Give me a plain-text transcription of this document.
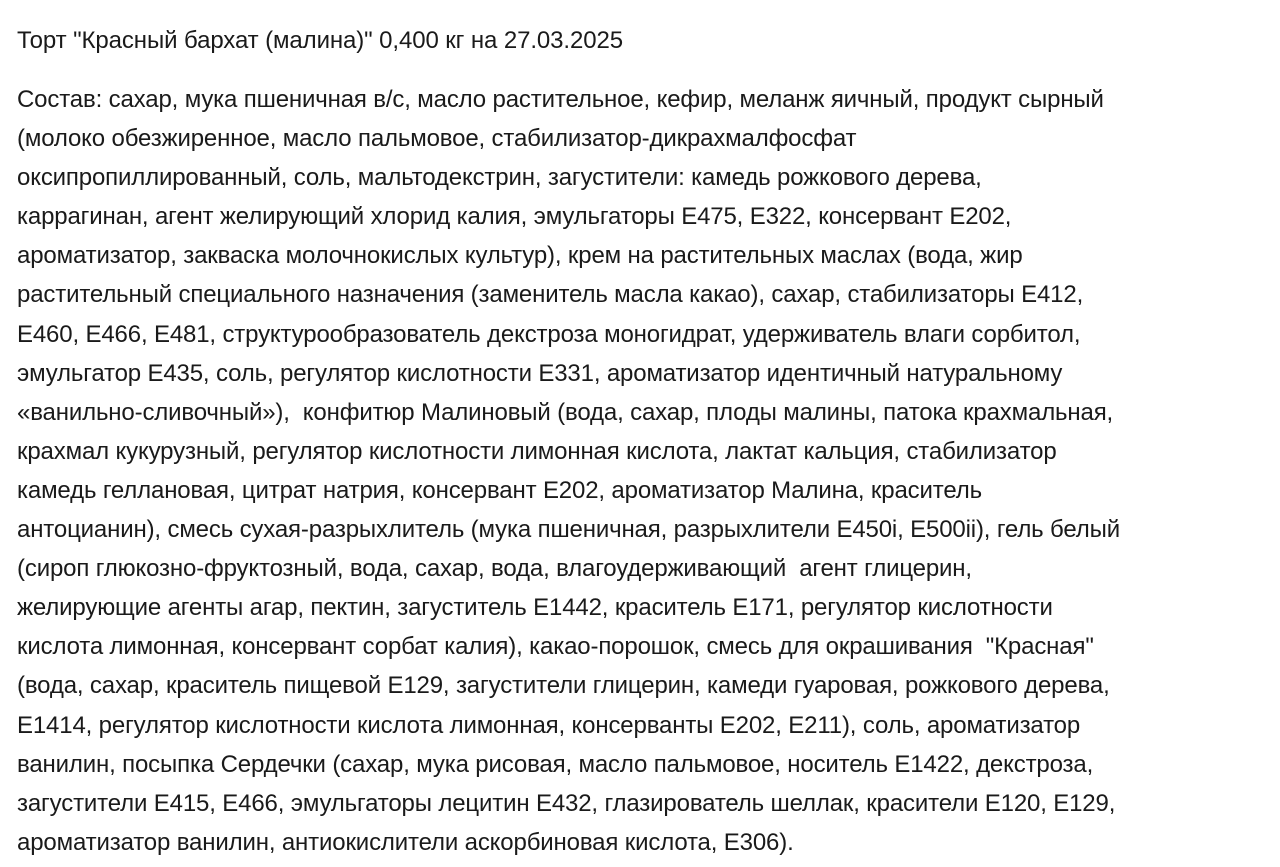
Торт "Красный бархат (малина)" 0,400 кг на 27.03.2025
Состав: сахар, мука пшеничная в/с, масло растительное, кефир, меланж яичный, продукт сырный
(молоко обезжиренное, масло пальмовое, стабилизатор-дикрахмалфосфат
оксипропиллированный, соль, мальтодекстрин, загустители: камедь рожкового дерева,
каррагинан, агент желирующий хлорид калия, эмульгаторы Е475, Е322, консервант Е202,
ароматизатор, закваска молочнокислых культур), крем на растительных маслах (вода, жир
растительный специального назначения (заменитель масла какао), сахар, стабилизаторы Е412,
Е460, Е466, Е481, структурообразователь декстроза моногидрат, удерживатель влаги сорбитол,
эмульгатор Е435, соль, регулятор кислотности Е331, ароматизатор идентичный натуральному
«ванильно-сливочный»),  конфитюр Малиновый (вода, сахар, плоды малины, патока крахмальная,
крахмал кукурузный, регулятор кислотности лимонная кислота, лактат кальция, стабилизатор
камедь геллановая, цитрат натрия, консервант Е202, ароматизатор Малина, краситель
антоцианин), смесь сухая-разрыхлитель (мука пшеничная, разрыхлители Е450i, Е500ii), гель белый
(сироп глюкозно-фруктозный, вода, сахар, вода, влагоудерживающий  агент глицерин,
желирующие агенты агар, пектин, загуститель Е1442, краситель Е171, регулятор кислотности
кислота лимонная, консервант сорбат калия), какао-порошок, смесь для окрашивания  "Красная"
(вода, сахар, краситель пищевой Е129, загустители глицерин, камеди гуаровая, рожкового дерева,
Е1414, регулятор кислотности кислота лимонная, консерванты Е202, Е211), соль, ароматизатор
ванилин, посыпка Сердечки (сахар, мука рисовая, масло пальмовое, носитель Е1422, декстроза,
загустители Е415, Е466, эмульгаторы лецитин Е432, глазирователь шеллак, красители Е120, Е129,
ароматизатор ванилин, антиокислители аскорбиновая кислота, Е306).
